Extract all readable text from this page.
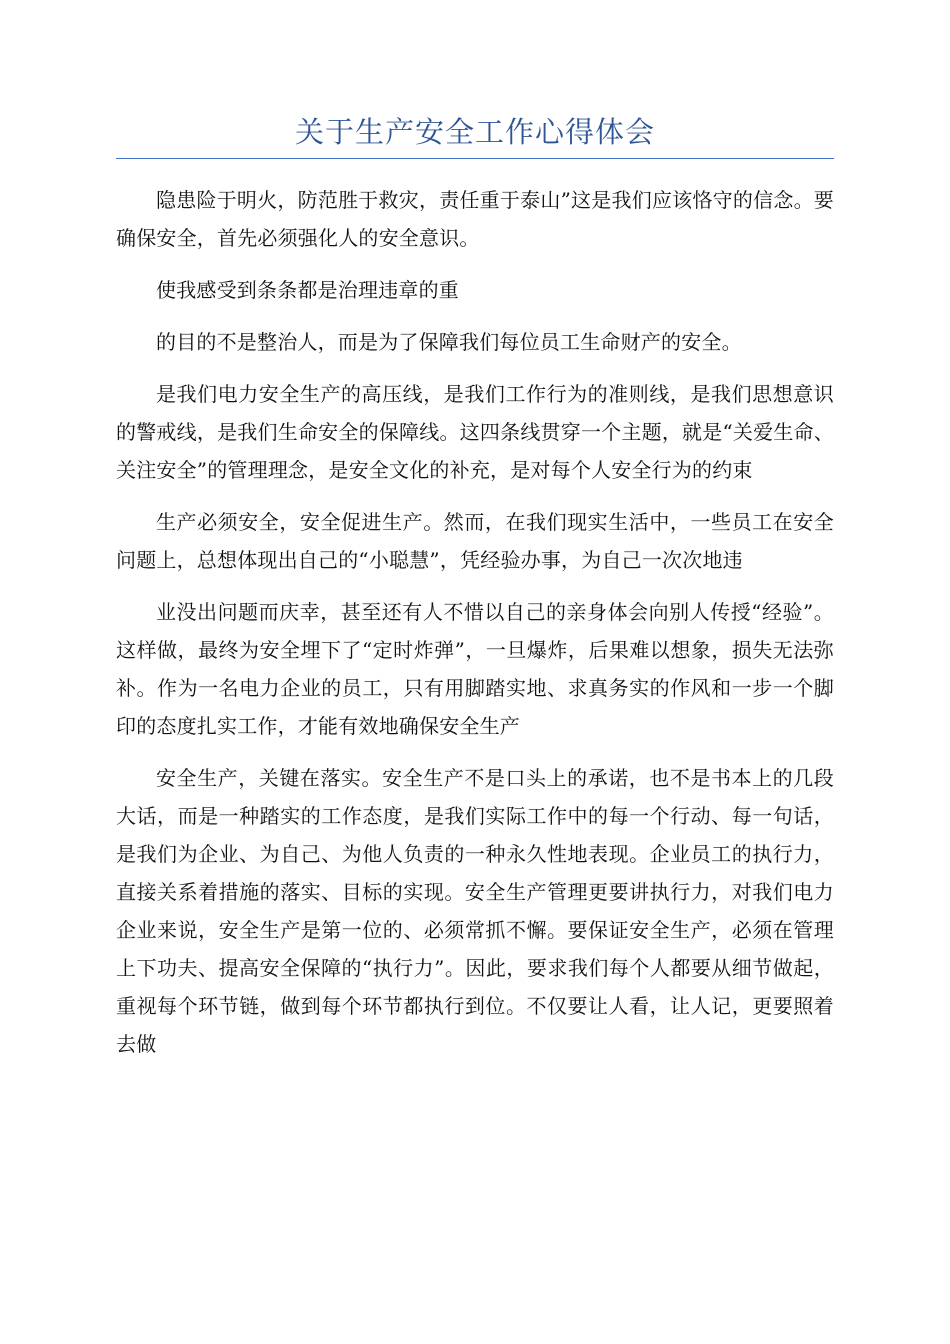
关于生产安全工作心得体会

隐患险于明火，防范胜于救灾，责任重于泰山”这是我们应该恪守的信念。要确保安全，首先必须强化人的安全意识。

使我感受到条条都是治理违章的重

的目的不是整治人，而是为了保障我们每位员工生命财产的安全。

是我们电力安全生产的高压线，是我们工作行为的准则线，是我们思想意识的警戒线，是我们生命安全的保障线。这四条线贯穿一个主题，就是“关爱生命、关注安全”的管理理念，是安全文化的补充，是对每个人安全行为的约束

生产必须安全，安全促进生产。然而，在我们现实生活中，一些员工在安全问题上，总想体现出自己的“小聪慧”，凭经验办事，为自己一次次地违

业没出问题而庆幸，甚至还有人不惜以自己的亲身体会向别人传授“经验”。这样做，最终为安全埋下了“定时炸弹”，一旦爆炸，后果难以想象，损失无法弥补。作为一名电力企业的员工，只有用脚踏实地、求真务实的作风和一步一个脚印的态度扎实工作，才能有效地确保安全生产

安全生产，关键在落实。安全生产不是口头上的承诺，也不是书本上的几段大话，而是一种踏实的工作态度，是我们实际工作中的每一个行动、每一句话，是我们为企业、为自己、为他人负责的一种永久性地表现。企业员工的执行力，直接关系着措施的落实、目标的实现。安全生产管理更要讲执行力，对我们电力企业来说，安全生产是第一位的、必须常抓不懈。要保证安全生产，必须在管理上下功夫、提高安全保障的“执行力”。因此，要求我们每个人都要从细节做起，重视每个环节链，做到每个环节都执行到位。不仅要让人看，让人记，更要照着去做
